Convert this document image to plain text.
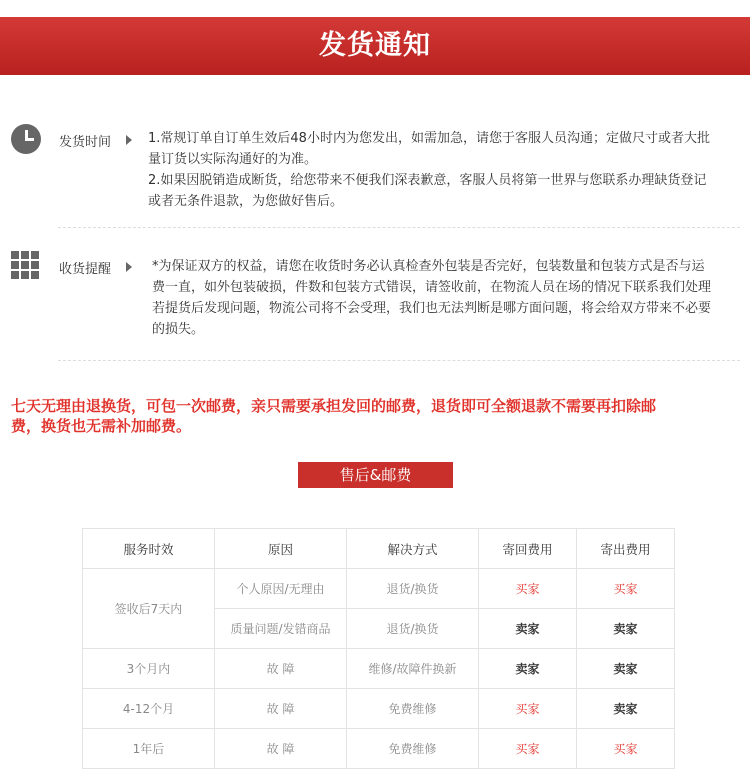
发货通知
发货时间	1.常规订单自订单生效后48小时内为您发出，如需加急，请您于客服人员沟通；定做尺寸或者大批
量订货以实际沟通好的为准。
2.如果因脱销造成断货，给您带来不便我们深表歉意，客服人员将第一世界与您联系办理缺货登记
或者无条件退款，为您做好售后。
收货提醒	*为保证双方的权益，请您在收货时务必认真检查外包装是否完好，包装数量和包装方式是否与运
费一直，如外包装破损，件数和包装方式错误，请签收前，在物流人员在场的情况下联系我们处理
若提货后发现问题，物流公司将不会受理，我们也无法判断是哪方面问题，将会给双方带来不必要
的损失。
七天无理由退换货，可包一次邮费，亲只需要承担发回的邮费，退货即可全额退款不需要再扣除邮
费，换货也无需补加邮费。
售后&邮费
服务时效	原因	解决方式	寄回费用	寄出费用
签收后7天内	个人原因/无理由	退货/换货	买家	买家
	质量问题/发错商品	退货/换货	卖家	卖家
3个月内	故 障	维修/故障件换新	卖家	卖家
4-12个月	故 障	免费维修	买家	卖家
1年后	故 障	免费维修	买家	买家
